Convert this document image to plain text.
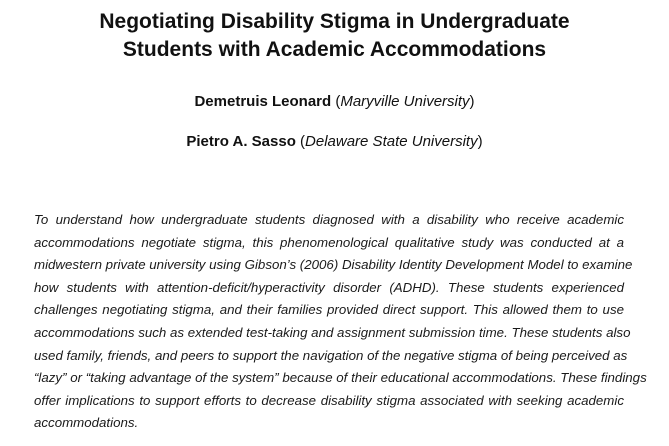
Negotiating Disability Stigma in Undergraduate
Students with Academic Accommodations

Demetruis Leonard (Maryville University)

Pietro A. Sasso (Delaware State University)

To understand how undergraduate students diagnosed with a disability who receive academic
accommodations negotiate stigma, this phenomenological qualitative study was conducted at a
midwestern private university using Gibson’s (2006) Disability Identity Development Model to examine
how students with attention-deficit/hyperactivity disorder (ADHD). These students experienced
challenges negotiating stigma, and their families provided direct support. This allowed them to use
accommodations such as extended test-taking and assignment submission time. These students also
used family, friends, and peers to support the navigation of the negative stigma of being perceived as
“lazy” or “taking advantage of the system” because of their educational accommodations. These findings
offer implications to support efforts to decrease disability stigma associated with seeking academic
accommodations.
